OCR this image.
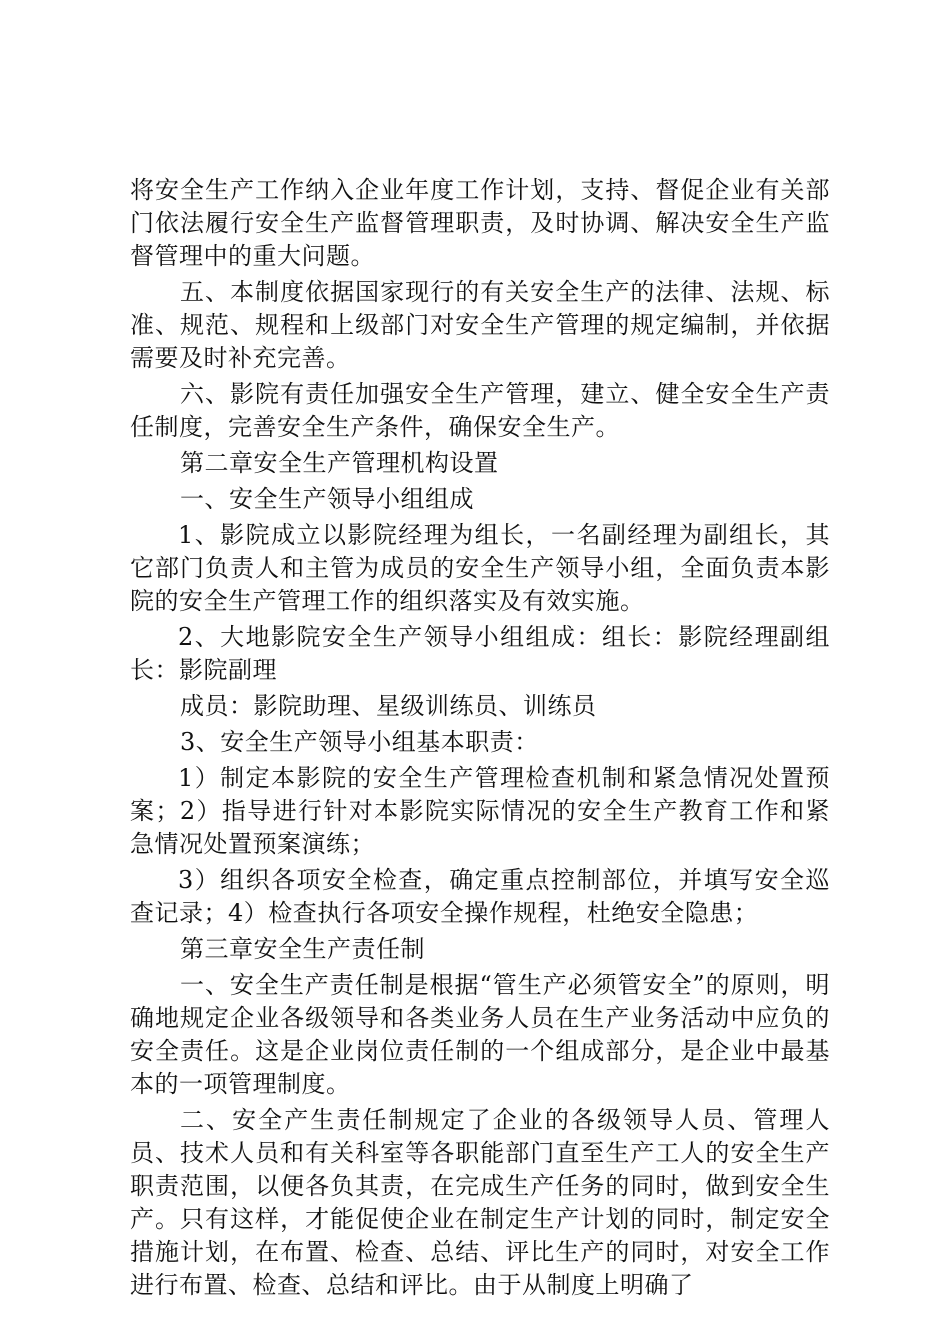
将安全生产工作纳入企业年度工作计划，支持、督促企业有关部门依法履行安全生产监督管理职责，及时协调、解决安全生产监督管理中的重大问题。

五、本制度依据国家现行的有关安全生产的法律、法规、标准、规范、规程和上级部门对安全生产管理的规定编制，并依据需要及时补充完善。

六、影院有责任加强安全生产管理，建立、健全安全生产责任制度，完善安全生产条件，确保安全生产。

第二章安全生产管理机构设置

一、安全生产领导小组组成

1、影院成立以影院经理为组长，一名副经理为副组长，其它部门负责人和主管为成员的安全生产领导小组，全面负责本影院的安全生产管理工作的组织落实及有效实施。

2、大地影院安全生产领导小组组成：组长：影院经理副组长：影院副理

成员：影院助理、星级训练员、训练员

3、安全生产领导小组基本职责：

1）制定本影院的安全生产管理检查机制和紧急情况处置预案；2）指导进行针对本影院实际情况的安全生产教育工作和紧急情况处置预案演练；

3）组织各项安全检查，确定重点控制部位，并填写安全巡查记录；4）检查执行各项安全操作规程，杜绝安全隐患；

第三章安全生产责任制

一、安全生产责任制是根据“管生产必须管安全”的原则，明确地规定企业各级领导和各类业务人员在生产业务活动中应负的安全责任。这是企业岗位责任制的一个组成部分，是企业中最基本的一项管理制度。

二、安全产生责任制规定了企业的各级领导人员、管理人员、技术人员和有关科室等各职能部门直至生产工人的安全生产职责范围，以便各负其责，在完成生产任务的同时，做到安全生产。只有这样，才能促使企业在制定生产计划的同时，制定安全措施计划，在布置、检查、总结、评比生产的同时，对安全工作进行布置、检查、总结和评比。由于从制度上明确了
